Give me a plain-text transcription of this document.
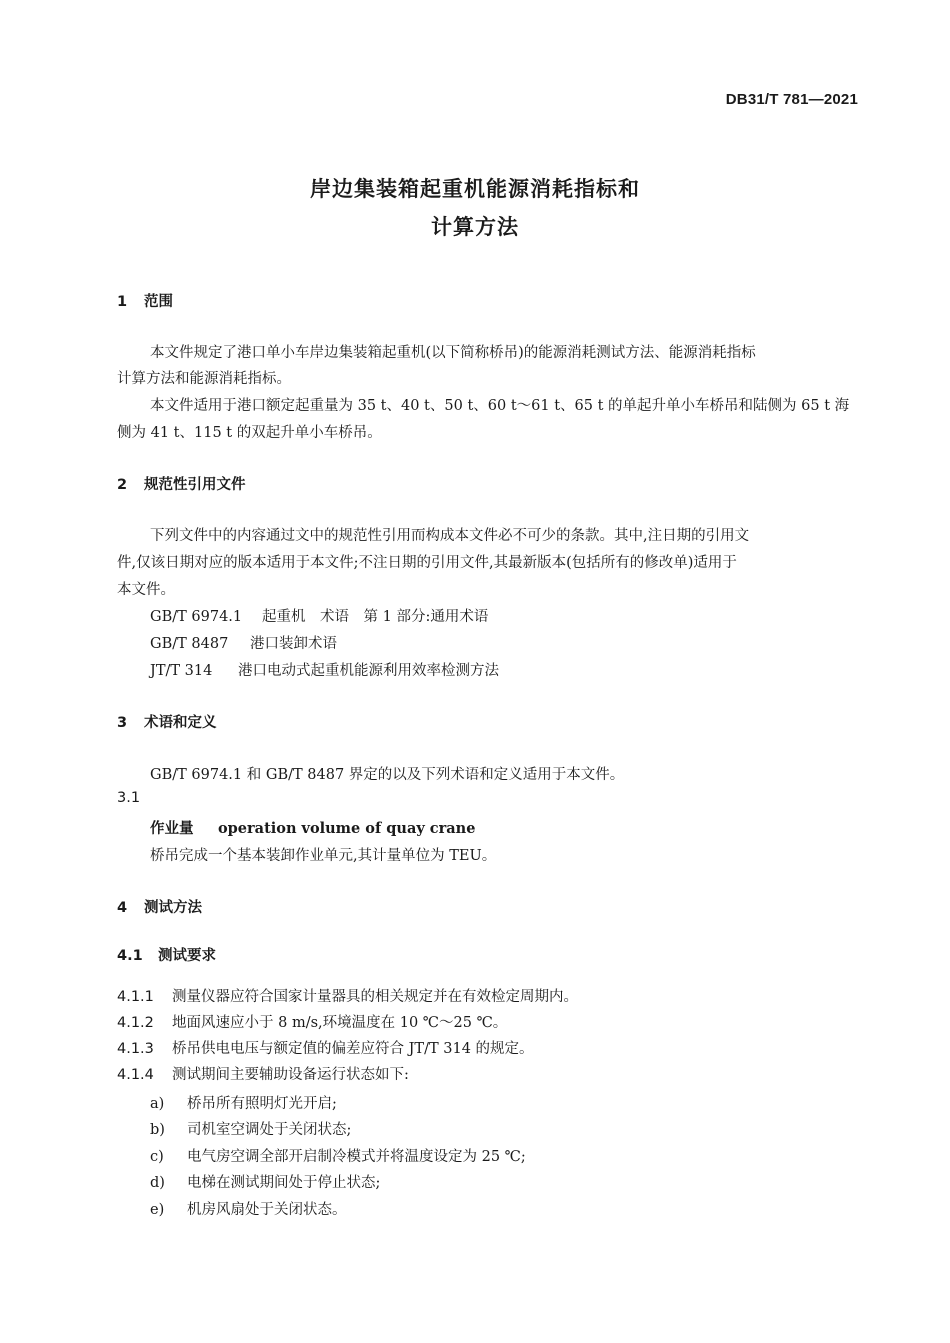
DB31/T 781—2021
岸边集装箱起重机能源消耗指标和
计算方法
1 范围
本文件规定了港口单小车岸边集装箱起重机(以下简称桥吊)的能源消耗测试方法、能源消耗指标
计算方法和能源消耗指标。
本文件适用于港口额定起重量为 35 t、40 t、50 t、60 t～61 t、65 t 的单起升单小车桥吊和陆侧为 65 t 海
侧为 41 t、115 t 的双起升单小车桥吊。
2 规范性引用文件
下列文件中的内容通过文中的规范性引用而构成本文件必不可少的条款。其中,注日期的引用文
件,仅该日期对应的版本适用于本文件;不注日期的引用文件,其最新版本(包括所有的修改单)适用于
本文件。
GB/T 6974.1 起重机　术语　第 1 部分:通用术语
GB/T 8487 港口装卸术语
JT/T 314 港口电动式起重机能源利用效率检测方法
3 术语和定义
GB/T 6974.1 和 GB/T 8487 界定的以及下列术语和定义适用于本文件。
3.1
作业量 operation volume of quay crane
桥吊完成一个基本装卸作业单元,其计量单位为 TEU。
4 测试方法
4.1 测试要求
4.1.1 测量仪器应符合国家计量器具的相关规定并在有效检定周期内。
4.1.2 地面风速应小于 8 m/s,环境温度在 10 ℃～25 ℃。
4.1.3 桥吊供电电压与额定值的偏差应符合 JT/T 314 的规定。
4.1.4 测试期间主要辅助设备运行状态如下:
a) 桥吊所有照明灯光开启;
b) 司机室空调处于关闭状态;
c) 电气房空调全部开启制冷模式并将温度设定为 25 ℃;
d) 电梯在测试期间处于停止状态;
e) 机房风扇处于关闭状态。
